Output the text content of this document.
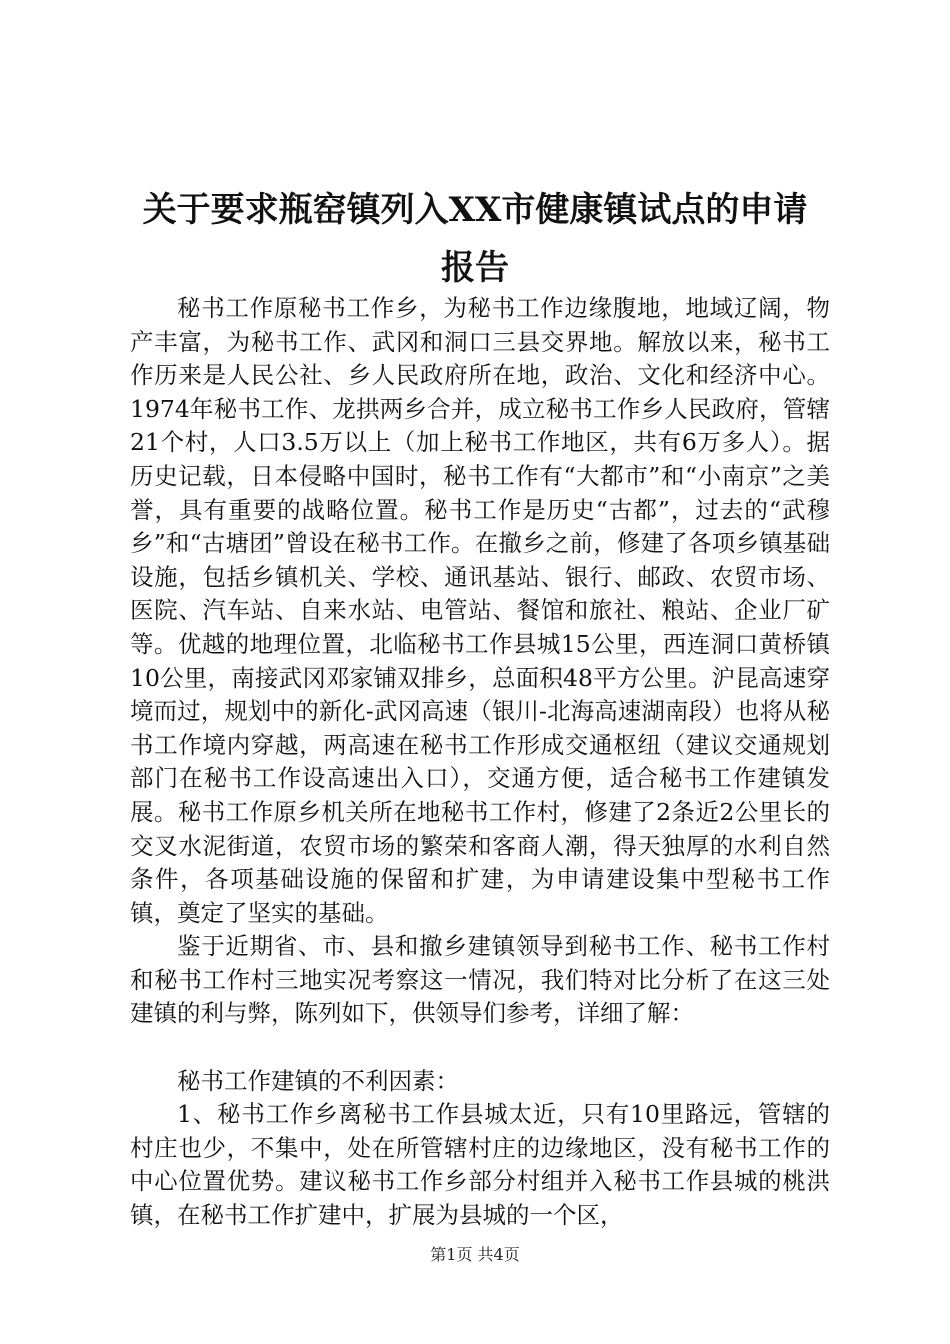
关于要求瓶窑镇列入XX市健康镇试点的申请
报告

秘书工作原秘书工作乡，为秘书工作边缘腹地，地域辽阔，物产丰富，为秘书工作、武冈和洞口三县交界地。解放以来，秘书工作历来是人民公社、乡人民政府所在地，政治、文化和经济中心。1974年秘书工作、龙拱两乡合并，成立秘书工作乡人民政府，管辖21个村，人口3.5万以上（加上秘书工作地区，共有6万多人）。据历史记载，日本侵略中国时，秘书工作有“大都市”和“小南京”之美誉，具有重要的战略位置。秘书工作是历史“古都”，过去的“武穆乡”和“古塘团”曾设在秘书工作。在撤乡之前，修建了各项乡镇基础设施，包括乡镇机关、学校、通讯基站、银行、邮政、农贸市场、医院、汽车站、自来水站、电管站、餐馆和旅社、粮站、企业厂矿等。优越的地理位置，北临秘书工作县城15公里，西连洞口黄桥镇10公里，南接武冈邓家铺双排乡，总面积48平方公里。沪昆高速穿境而过，规划中的新化-武冈高速（银川-北海高速湖南段）也将从秘书工作境内穿越，两高速在秘书工作形成交通枢纽（建议交通规划部门在秘书工作设高速出入口），交通方便，适合秘书工作建镇发展。秘书工作原乡机关所在地秘书工作村，修建了2条近2公里长的交叉水泥街道，农贸市场的繁荣和客商人潮，得天独厚的水利自然条件，各项基础设施的保留和扩建，为申请建设集中型秘书工作镇，奠定了坚实的基础。

鉴于近期省、市、县和撤乡建镇领导到秘书工作、秘书工作村和秘书工作村三地实况考察这一情况，我们特对比分析了在这三处建镇的利与弊，陈列如下，供领导们参考，详细了解：

秘书工作建镇的不利因素：

1、秘书工作乡离秘书工作县城太近，只有10里路远，管辖的村庄也少，不集中，处在所管辖村庄的边缘地区，没有秘书工作的中心位置优势。建议秘书工作乡部分村组并入秘书工作县城的桃洪镇，在秘书工作扩建中，扩展为县城的一个区，

第1页 共4页
